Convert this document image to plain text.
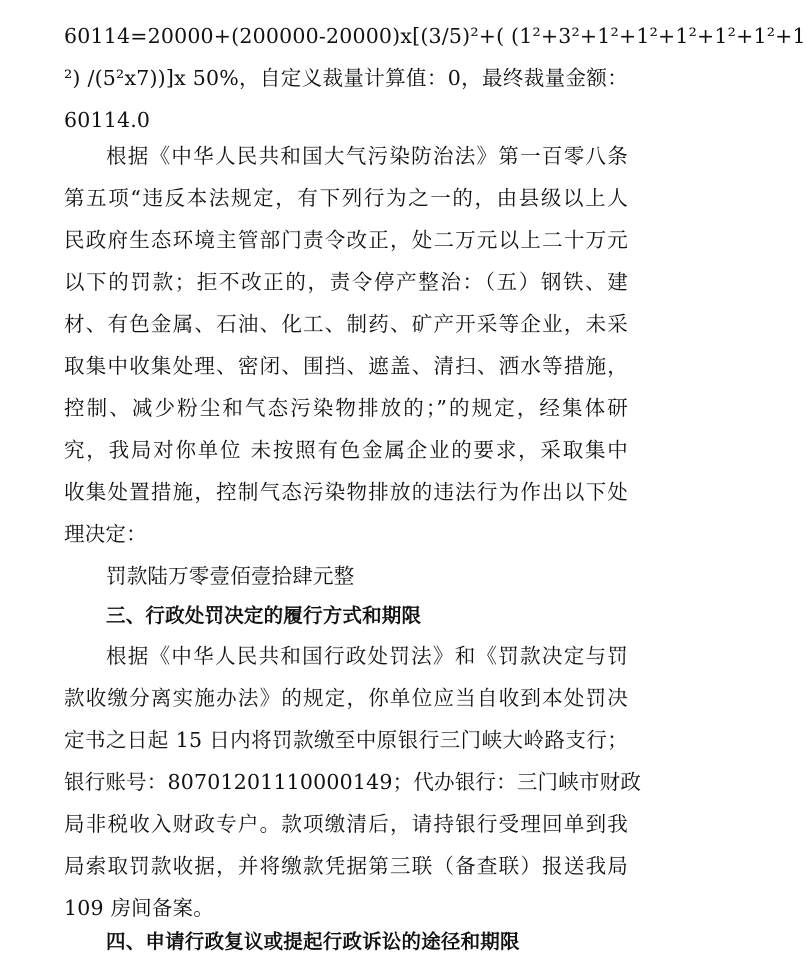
60114=20000+(200000-20000)x[(3/5)²+( (1²+3²+1²+1²+1²+1²+1²+1
²) /(5²x7))]x 50%，自定义裁量计算值：0，最终裁量金额：
60114.0
根据《中华人民共和国大气污染防治法》第一百零八条
第五项“违反本法规定，有下列行为之一的，由县级以上人
民政府生态环境主管部门责令改正，处二万元以上二十万元
以下的罚款；拒不改正的，责令停产整治：（五）钢铁、建
材、有色金属、石油、化工、制药、矿产开采等企业，未采
取集中收集处理、密闭、围挡、遮盖、清扫、洒水等措施，
控制、减少粉尘和气态污染物排放的；”的规定，经集体研
究，我局对你单位 未按照有色金属企业的要求，采取集中
收集处置措施，控制气态污染物排放的违法行为作出以下处
理决定：
罚款陆万零壹佰壹拾肆元整
三、行政处罚决定的履行方式和期限
根据《中华人民共和国行政处罚法》和《罚款决定与罚
款收缴分离实施办法》的规定，你单位应当自收到本处罚决
定书之日起 15 日内将罚款缴至中原银行三门峡大岭路支行；
银行账号：80701201110000149；代办银行：三门峡市财政
局非税收入财政专户。款项缴清后，请持银行受理回单到我
局索取罚款收据，并将缴款凭据第三联（备查联）报送我局
109 房间备案。
四、申请行政复议或提起行政诉讼的途径和期限
